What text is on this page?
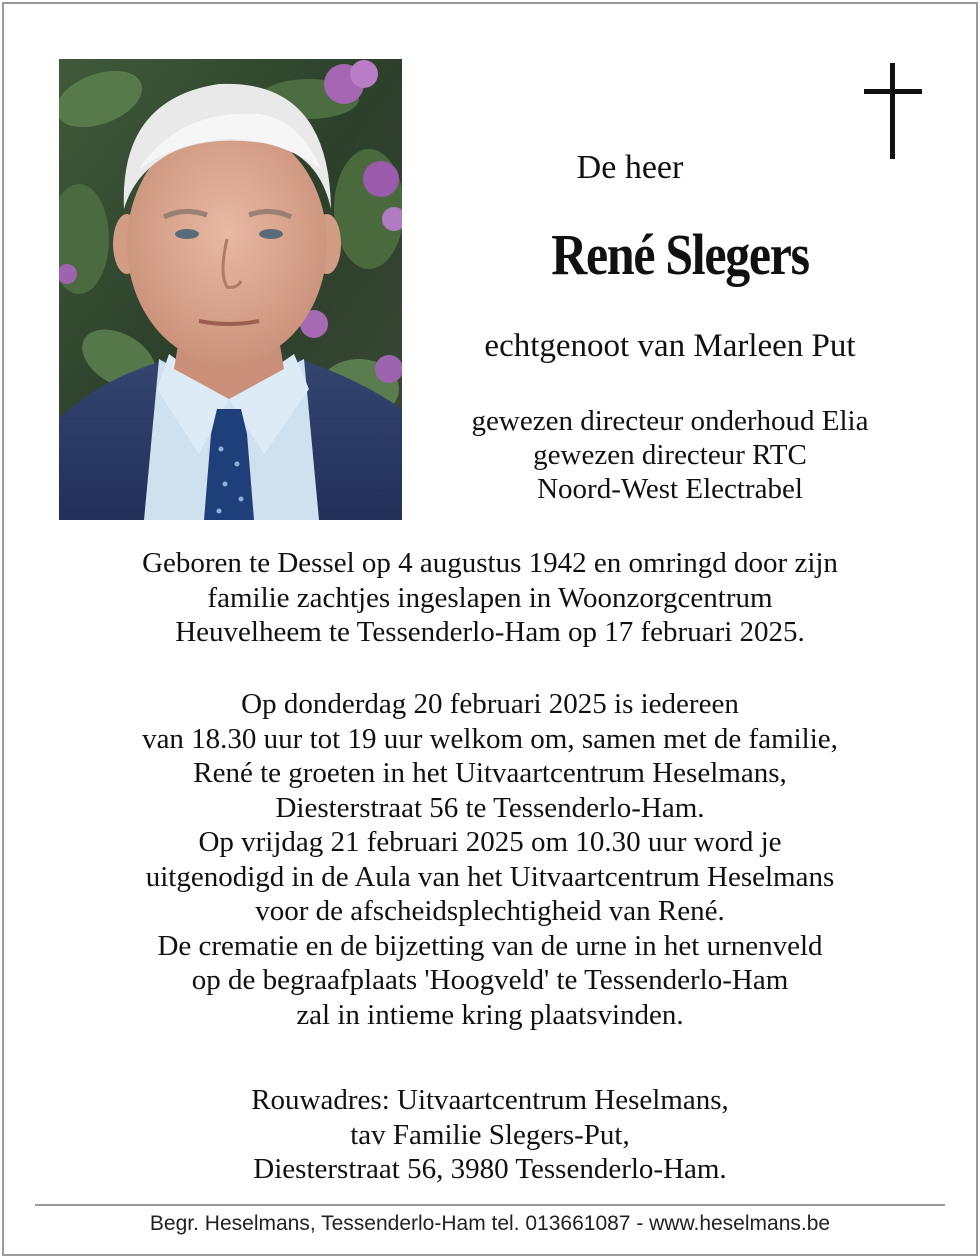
De heer
René Slegers
echtgenoot van Marleen Put
gewezen directeur onderhoud Elia
gewezen directeur RTC
Noord-West Electrabel
Geboren te Dessel op 4 augustus 1942 en omringd door zijn
familie zachtjes ingeslapen in Woonzorgcentrum
Heuvelheem te Tessenderlo-Ham op 17 februari 2025.
Op donderdag 20 februari 2025 is iedereen
van 18.30 uur tot 19 uur welkom om, samen met de familie,
René te groeten in het Uitvaartcentrum Heselmans,
Diesterstraat 56 te Tessenderlo-Ham.
Op vrijdag 21 februari 2025 om 10.30 uur word je
uitgenodigd in de Aula van het Uitvaartcentrum Heselmans
voor de afscheidsplechtigheid van René.
De crematie en de bijzetting van de urne in het urnenveld
op de begraafplaats 'Hoogveld' te Tessenderlo-Ham
zal in intieme kring plaatsvinden.
Rouwadres: Uitvaartcentrum Heselmans,
tav Familie Slegers-Put,
Diesterstraat 56, 3980 Tessenderlo-Ham.
Begr. Heselmans, Tessenderlo-Ham tel. 013661087 - www.heselmans.be
